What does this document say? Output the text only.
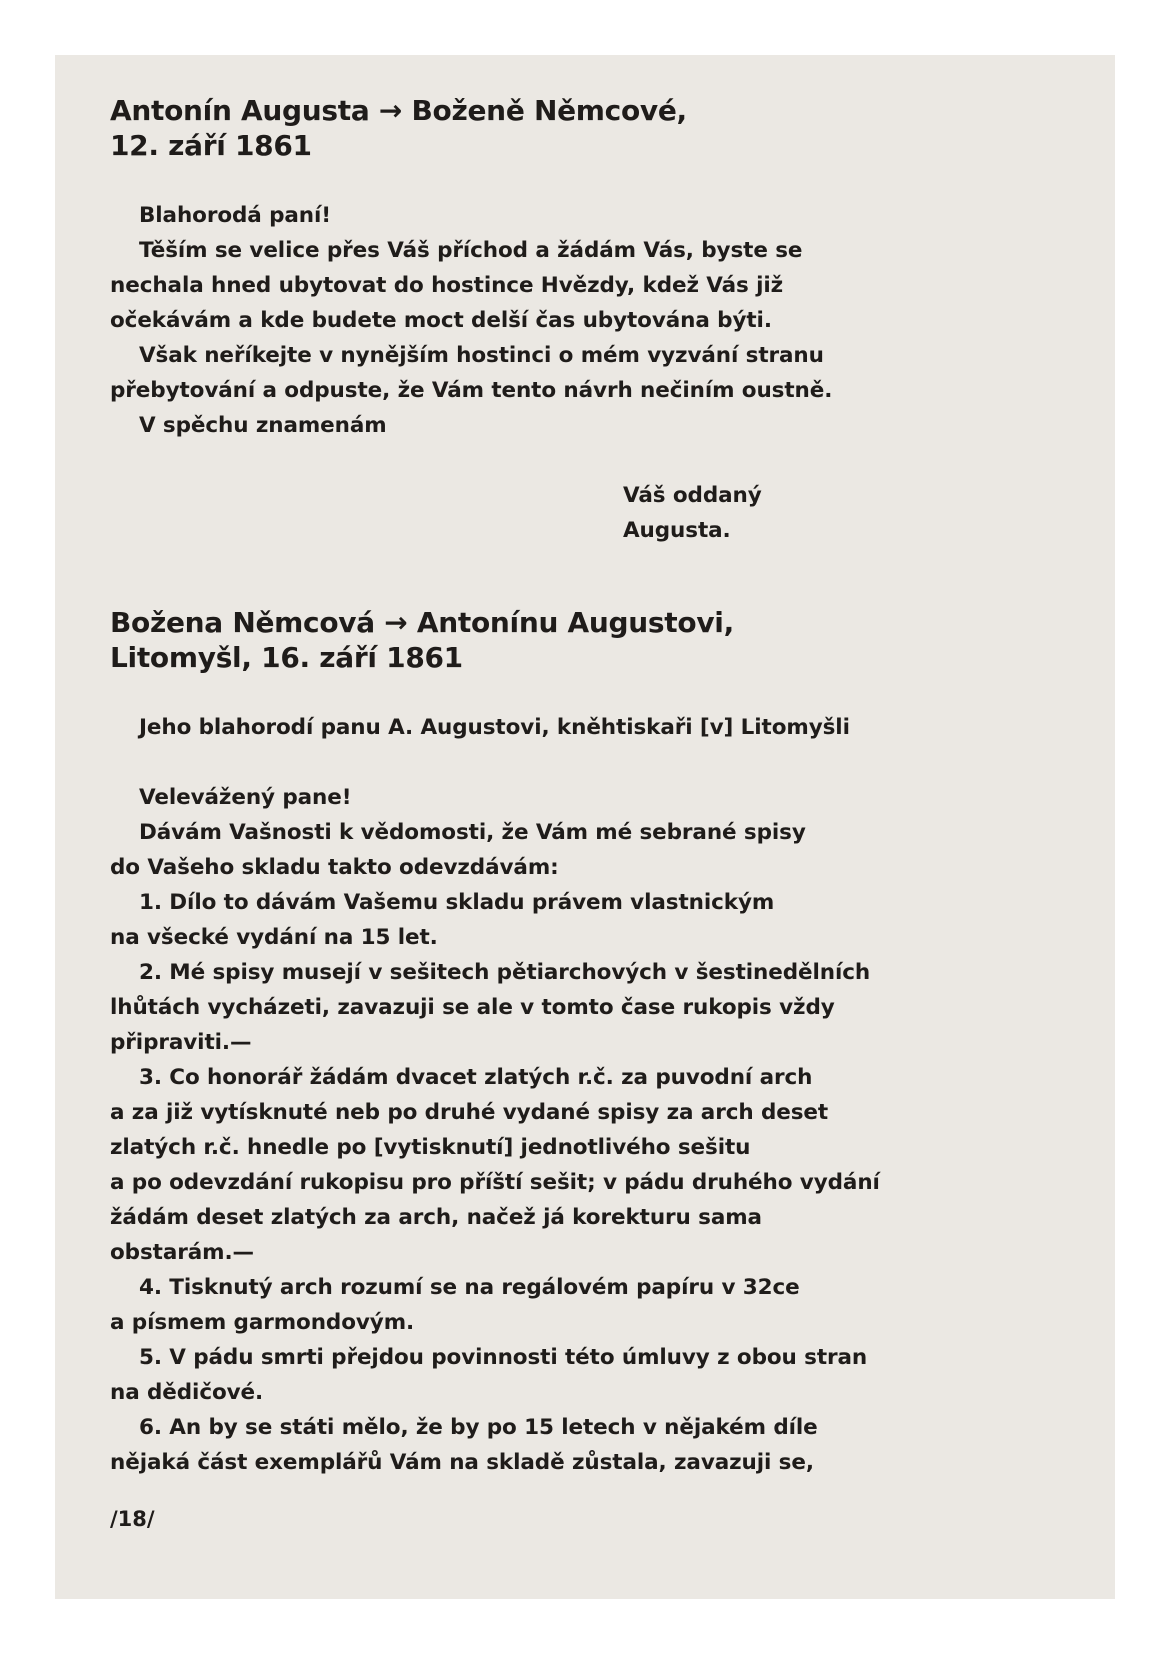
Antonín Augusta → Boženě Němcové,
12. září 1861

Blahorodá paní!

Těším se velice přes Váš příchod a žádám Vás, byste se

nechala hned ubytovat do hostince Hvězdy, kdež Vás již

očekávám a kde budete moct delší čas ubytována býti.

Však neříkejte v nynějším hostinci o mém vyzvání stranu

přebytování a odpuste, že Vám tento návrh nečiním oustně.

V spěchu znamenám

Váš oddaný

Augusta.

Božena Němcová → Antonínu Augustovi,
Litomyšl, 16. září 1861

Jeho blahorodí panu A. Augustovi, kněhtiskaři [v] Litomyšli

Velevážený pane!

Dávám Vašnosti k vědomosti, že Vám mé sebrané spisy

do Vašeho skladu takto odevzdávám:

1. Dílo to dávám Vašemu skladu právem vlastnickým

na všecké vydání na 15 let.

2. Mé spisy musejí v sešitech pětiarchových v šestinedělních

lhůtách vycházeti, zavazuji se ale v tomto čase rukopis vždy

připraviti.—

3. Co honorář žádám dvacet zlatých r.č. za puvodní arch

a za již vytísknuté neb po druhé vydané spisy za arch deset

zlatých r.č. hnedle po [vytisknutí] jednotlivého sešitu

a po odevzdání rukopisu pro příští sešit; v pádu druhého vydání

žádám deset zlatých za arch, načež já korekturu sama

obstarám.—

4. Tisknutý arch rozumí se na regálovém papíru v 32ce

a písmem garmondovým.

5. V pádu smrti přejdou povinnosti této úmluvy z obou stran

na dědičové.

6. An by se státi mělo, že by po 15 letech v nějakém díle

nějaká část exemplářů Vám na skladě zůstala, zavazuji se,

/18/
